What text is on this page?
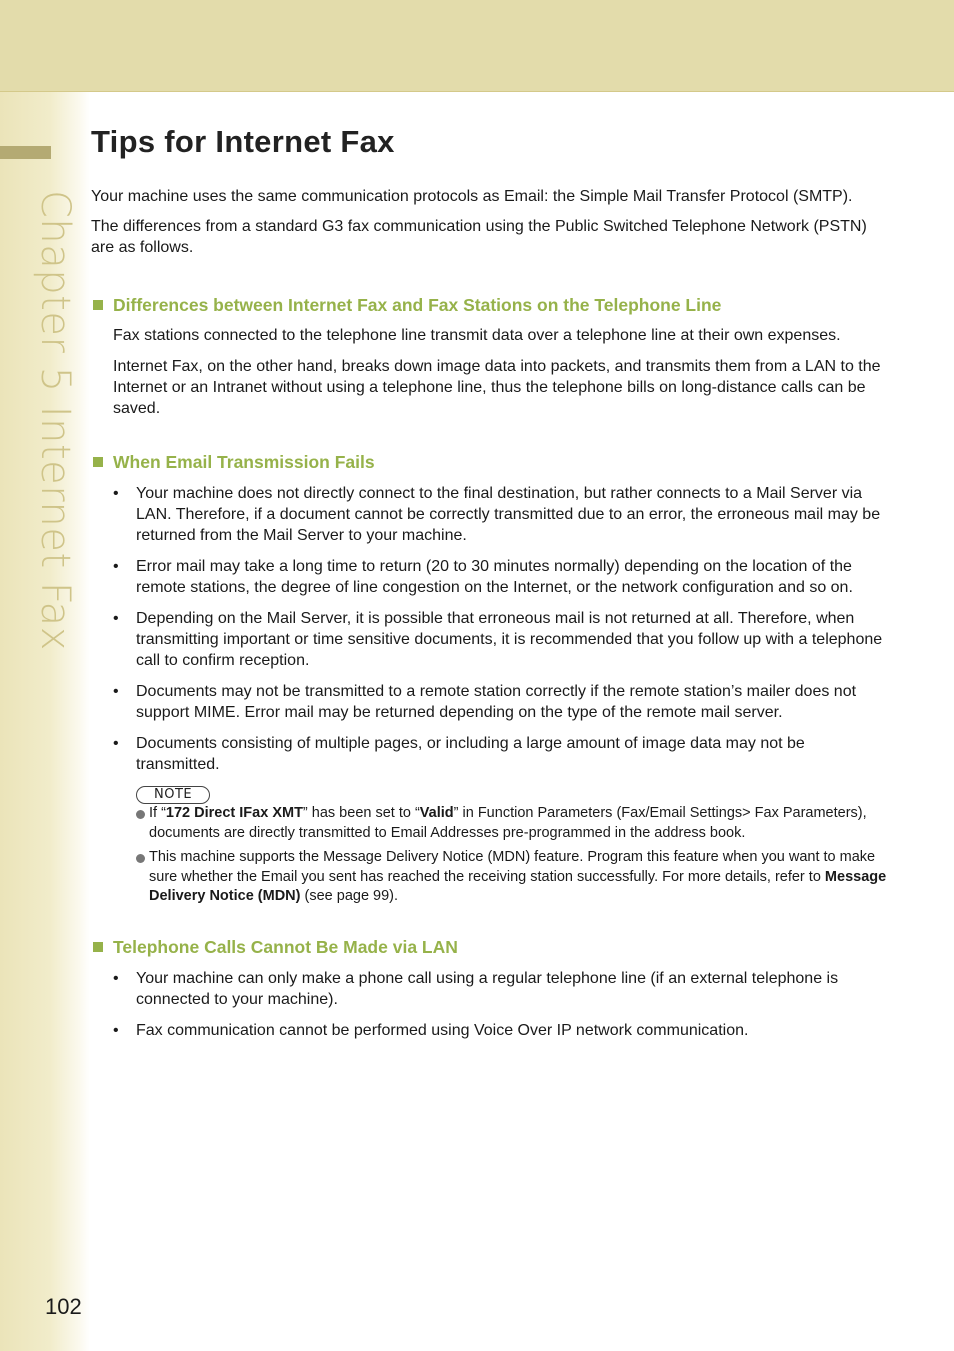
Chapter 5 Internet Fax
Tips for Internet Fax

Your machine uses the same communication protocols as Email: the Simple Mail Transfer Protocol (SMTP).

The differences from a standard G3 fax communication using the Public Switched Telephone Network (PSTN) are as follows.

Differences between Internet Fax and Fax Stations on the Telephone Line

Fax stations connected to the telephone line transmit data over a telephone line at their own expenses.

Internet Fax, on the other hand, breaks down image data into packets, and transmits them from a LAN to the Internet or an Intranet without using a telephone line, thus the telephone bills on long-distance calls can be saved.

When Email Transmission Fails
• Your machine does not directly connect to the final destination, but rather connects to a Mail Server via LAN. Therefore, if a document cannot be correctly transmitted due to an error, the erroneous mail may be returned from the Mail Server to your machine.
• Error mail may take a long time to return (20 to 30 minutes normally) depending on the location of the remote stations, the degree of line congestion on the Internet, or the network configuration and so on.
• Depending on the Mail Server, it is possible that erroneous mail is not returned at all. Therefore, when transmitting important or time sensitive documents, it is recommended that you follow up with a telephone call to confirm reception.
• Documents may not be transmitted to a remote station correctly if the remote station’s mailer does not support MIME. Error mail may be returned depending on the type of the remote mail server.
• Documents consisting of multiple pages, or including a large amount of image data may not be transmitted.
NOTE
If “172 Direct IFax XMT” has been set to “Valid” in Function Parameters (Fax/Email Settings> Fax Parameters), documents are directly transmitted to Email Addresses pre-programmed in the address book.
This machine supports the Message Delivery Notice (MDN) feature. Program this feature when you want to make sure whether the Email you sent has reached the receiving station successfully. For more details, refer to Message Delivery Notice (MDN) (see page 99).
Telephone Calls Cannot Be Made via LAN
• Your machine can only make a phone call using a regular telephone line (if an external telephone is connected to your machine).
• Fax communication cannot be performed using Voice Over IP network communication.
102
